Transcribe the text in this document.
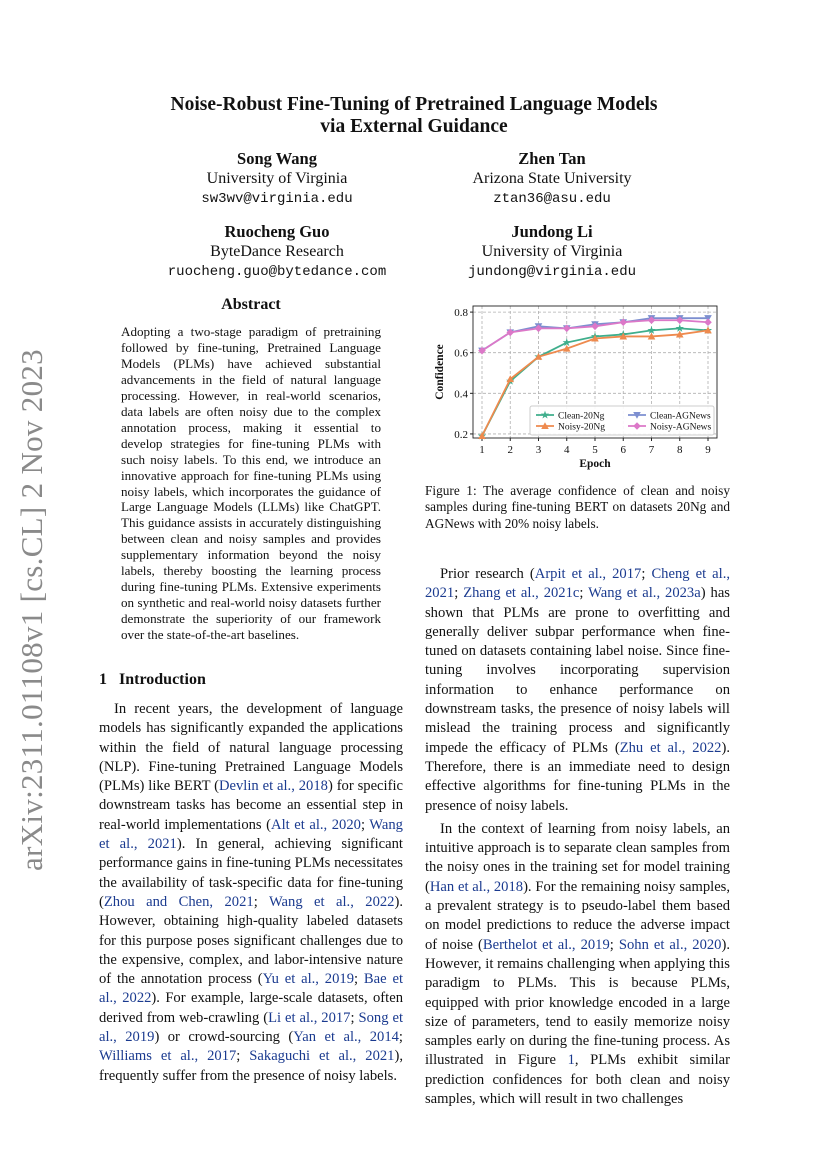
arXiv:2311.01108v1 [cs.CL] 2 Nov 2023
Noise-Robust Fine-Tuning of Pretrained Language Models
via External Guidance
Song Wang
University of Virginia
sw3wv@virginia.edu
Zhen Tan
Arizona State University
ztan36@asu.edu
Ruocheng Guo
ByteDance Research
ruocheng.guo@bytedance.com
Jundong Li
University of Virginia
jundong@virginia.edu
Abstract
Adopting a two-stage paradigm of pretraining followed by fine-tuning, Pretrained Language Models (PLMs) have achieved substantial advancements in the field of natural language processing. However, in real-world scenarios, data labels are often noisy due to the complex annotation process, making it essential to develop strategies for fine-tuning PLMs with such noisy labels. To this end, we introduce an innovative approach for fine-tuning PLMs using noisy labels, which incorporates the guidance of Large Language Models (LLMs) like ChatGPT. This guidance assists in accurately distinguishing between clean and noisy samples and provides supplementary information beyond the noisy labels, thereby boosting the learning process during fine-tuning PLMs. Extensive experiments on synthetic and real-world noisy datasets further demonstrate the superiority of our framework over the state-of-the-art baselines.
1   Introduction

In recent years, the development of language models has significantly expanded the applications within the field of natural language processing (NLP). Fine-tuning Pretrained Language Models (PLMs) like BERT (Devlin et al., 2018) for specific downstream tasks has become an essential step in real-world implementations (Alt et al., 2020; Wang et al., 2021). In general, achieving significant performance gains in fine-tuning PLMs necessitates the availability of task-specific data for fine-tuning (Zhou and Chen, 2021; Wang et al., 2022). However, obtaining high-quality labeled datasets for this purpose poses significant challenges due to the expensive, complex, and labor-intensive nature of the annotation process (Yu et al., 2019; Bae et al., 2022). For example, large-scale datasets, often derived from web-crawling (Li et al., 2017; Song et al., 2019) or crowd-sourcing (Yan et al., 2014; Williams et al., 2017; Sakaguchi et al., 2021), frequently suffer from the presence of noisy labels.

0.2
0.4
0.6
0.8
1 2 3 4 5 6 7 8 9
Epoch
Confidence
Clean-20Ng	Clean-AGNews
Noisy-20Ng	Noisy-AGNews
Figure 1: The average confidence of clean and noisy samples during fine-tuning BERT on datasets 20Ng and AGNews with 20% noisy labels.

Prior research (Arpit et al., 2017; Cheng et al., 2021; Zhang et al., 2021c; Wang et al., 2023a) has shown that PLMs are prone to overfitting and generally deliver subpar performance when fine-tuned on datasets containing label noise. Since fine-tuning involves incorporating supervision information to enhance performance on downstream tasks, the presence of noisy labels will mislead the training process and significantly impede the efficacy of PLMs (Zhu et al., 2022). Therefore, there is an immediate need to design effective algorithms for fine-tuning PLMs in the presence of noisy labels.

In the context of learning from noisy labels, an intuitive approach is to separate clean samples from the noisy ones in the training set for model training (Han et al., 2018). For the remaining noisy samples, a prevalent strategy is to pseudo-label them based on model predictions to reduce the adverse impact of noise (Berthelot et al., 2019; Sohn et al., 2020). However, it remains challenging when applying this paradigm to PLMs. This is because PLMs, equipped with prior knowledge encoded in a large size of parameters, tend to easily memorize noisy samples early on during the fine-tuning process. As illustrated in Figure 1, PLMs exhibit similar prediction confidences for both clean and noisy samples, which will result in two challenges
